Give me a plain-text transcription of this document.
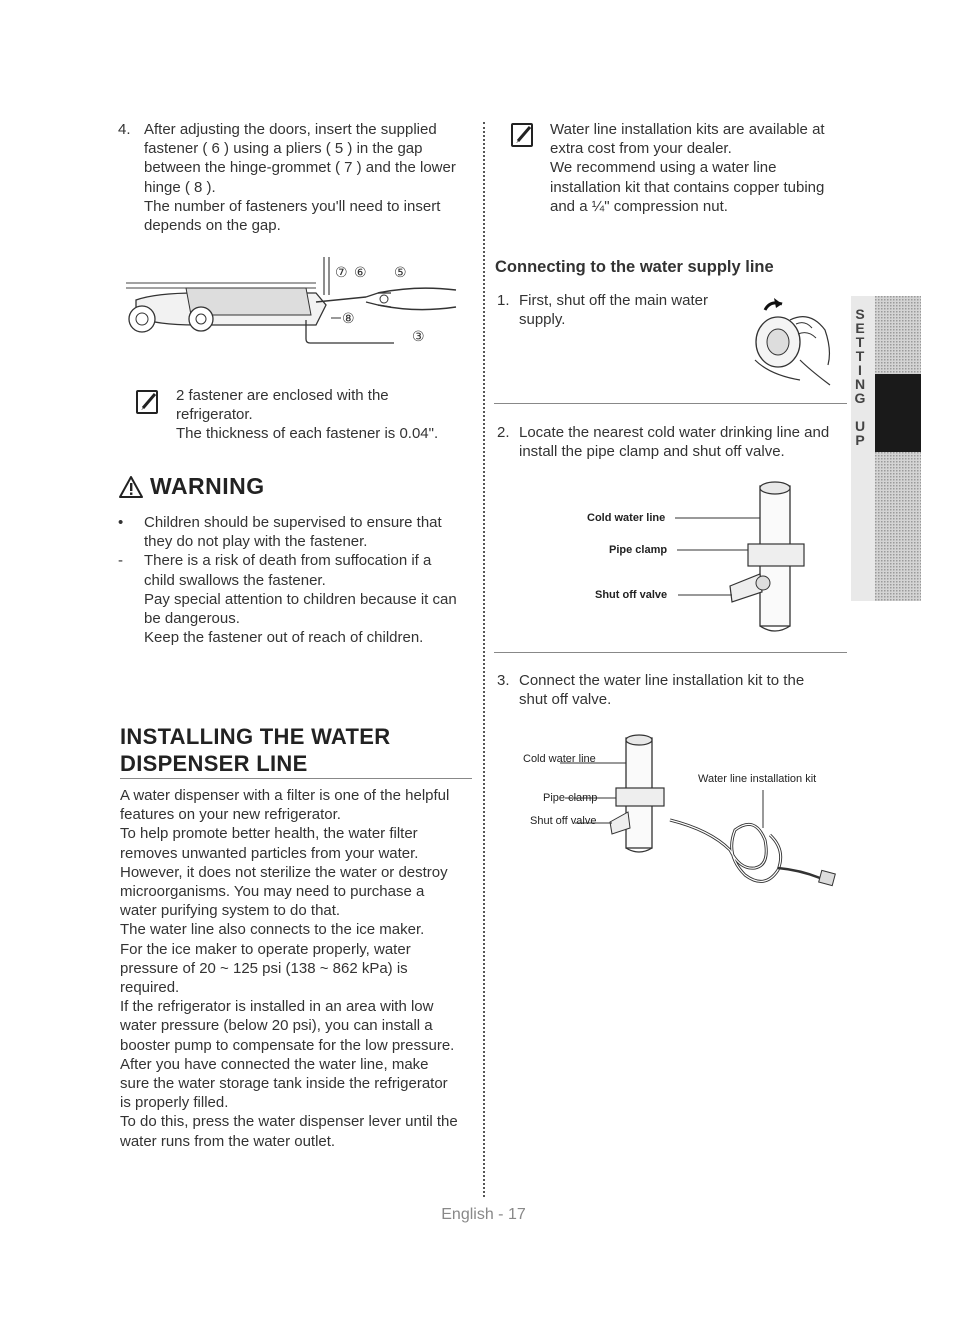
4. After adjusting the doors, insert the supplied
fastener ( 6 ) using a pliers ( 5 ) in the gap
between the hinge-grommet ( 7 ) and the lower
hinge ( 8 ).
The number of fasteners you'll need to insert
depends on the gap.
⑦ ⑥ ⑤
⑧
③
2 fastener are enclosed with the
refrigerator.
The thickness of each fastener is 0.04".
WARNING
•	Children should be supervised to ensure that
they do not play with the fastener.
-	There is a risk of death from suffocation if a
child swallows the fastener.
Pay special attention to children because it can
be dangerous.
Keep the fastener out of reach of children.
INSTALLING THE WATER
DISPENSER LINE
A water dispenser with a filter is one of the helpful
features on your new refrigerator.
To help promote better health, the water filter
removes unwanted particles from your water.
However, it does not sterilize the water or destroy
microorganisms. You may need to purchase a
water purifying system to do that.
The water line also connects to the ice maker.
For the ice maker to operate properly, water
pressure of 20 ~ 125 psi (138 ~ 862 kPa) is
required.
If the refrigerator is installed in an area with low
water pressure (below 20 psi), you can install a
booster pump to compensate for the low pressure.
After you have connected the water line, make
sure the water storage tank inside the refrigerator
is properly filled.
To do this, press the water dispenser lever until the
water runs from the water outlet.
Water line installation kits are available at
extra cost from your dealer.
We recommend using a water line
installation kit that contains copper tubing
and a ¼" compression nut.
Connecting to the water supply line
1. First, shut off the main water
supply.
2. Locate the nearest cold water drinking line and
install the pipe clamp and shut off valve.
Cold water line
Pipe clamp
Shut off valve
3. Connect the water line installation kit to the
shut off valve.
Cold water line
Pipe clamp
Shut off valve
Water line installation kit
SETTING UP
English - 17
